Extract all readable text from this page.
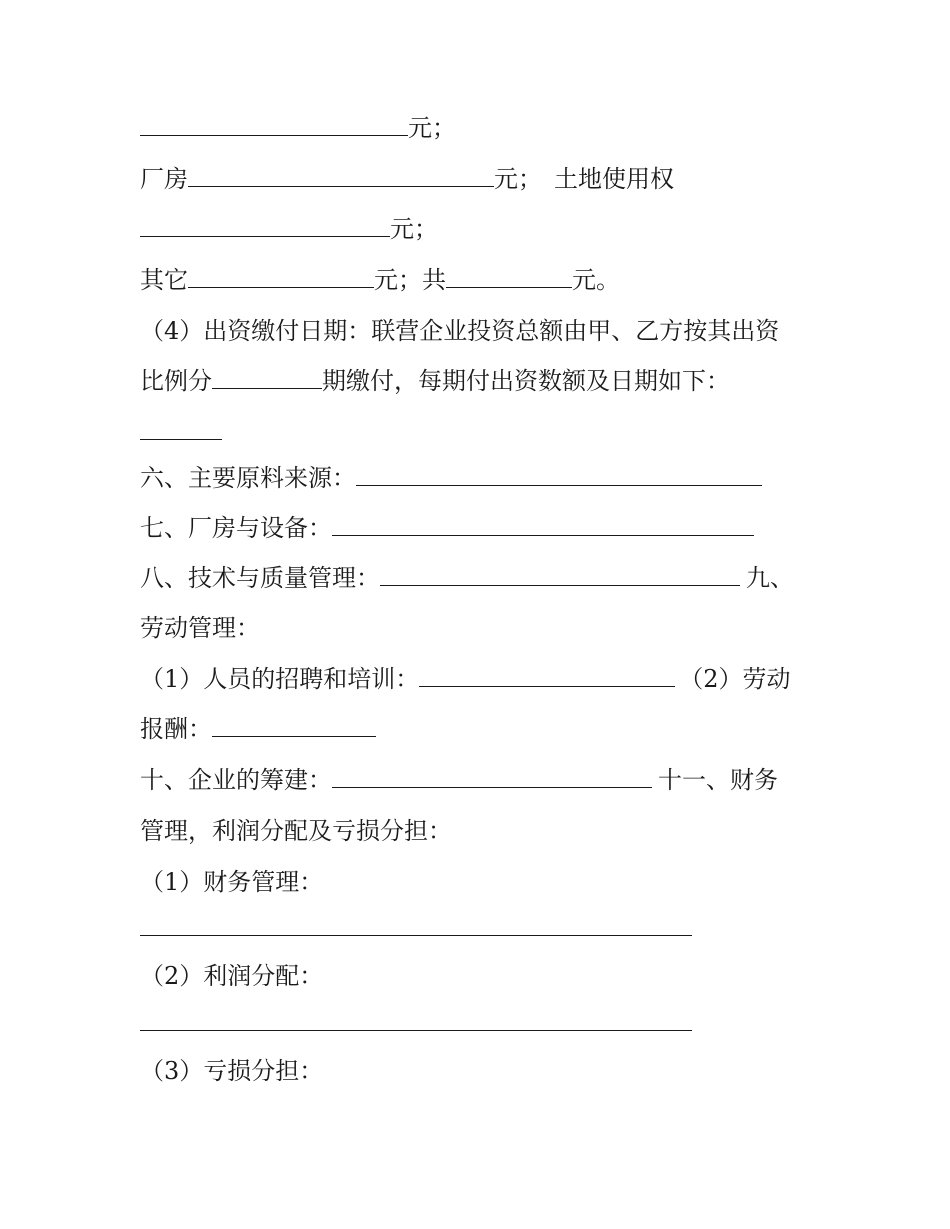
元；
厂房	元； 土地使用权
元；
其它	元；共	元。
（4）出资缴付日期：联营企业投资总额由甲、乙方按其出资
比例分	期缴付，每期付出资数额及日期如下：
六、主要原料来源：
七、厂房与设备：
八、技术与质量管理：	九、
劳动管理：
（1）人员的招聘和培训：	（2）劳动
报酬：
十、企业的筹建：	十一、财务
管理，利润分配及亏损分担：
（1）财务管理：
（2）利润分配：
（3）亏损分担：
